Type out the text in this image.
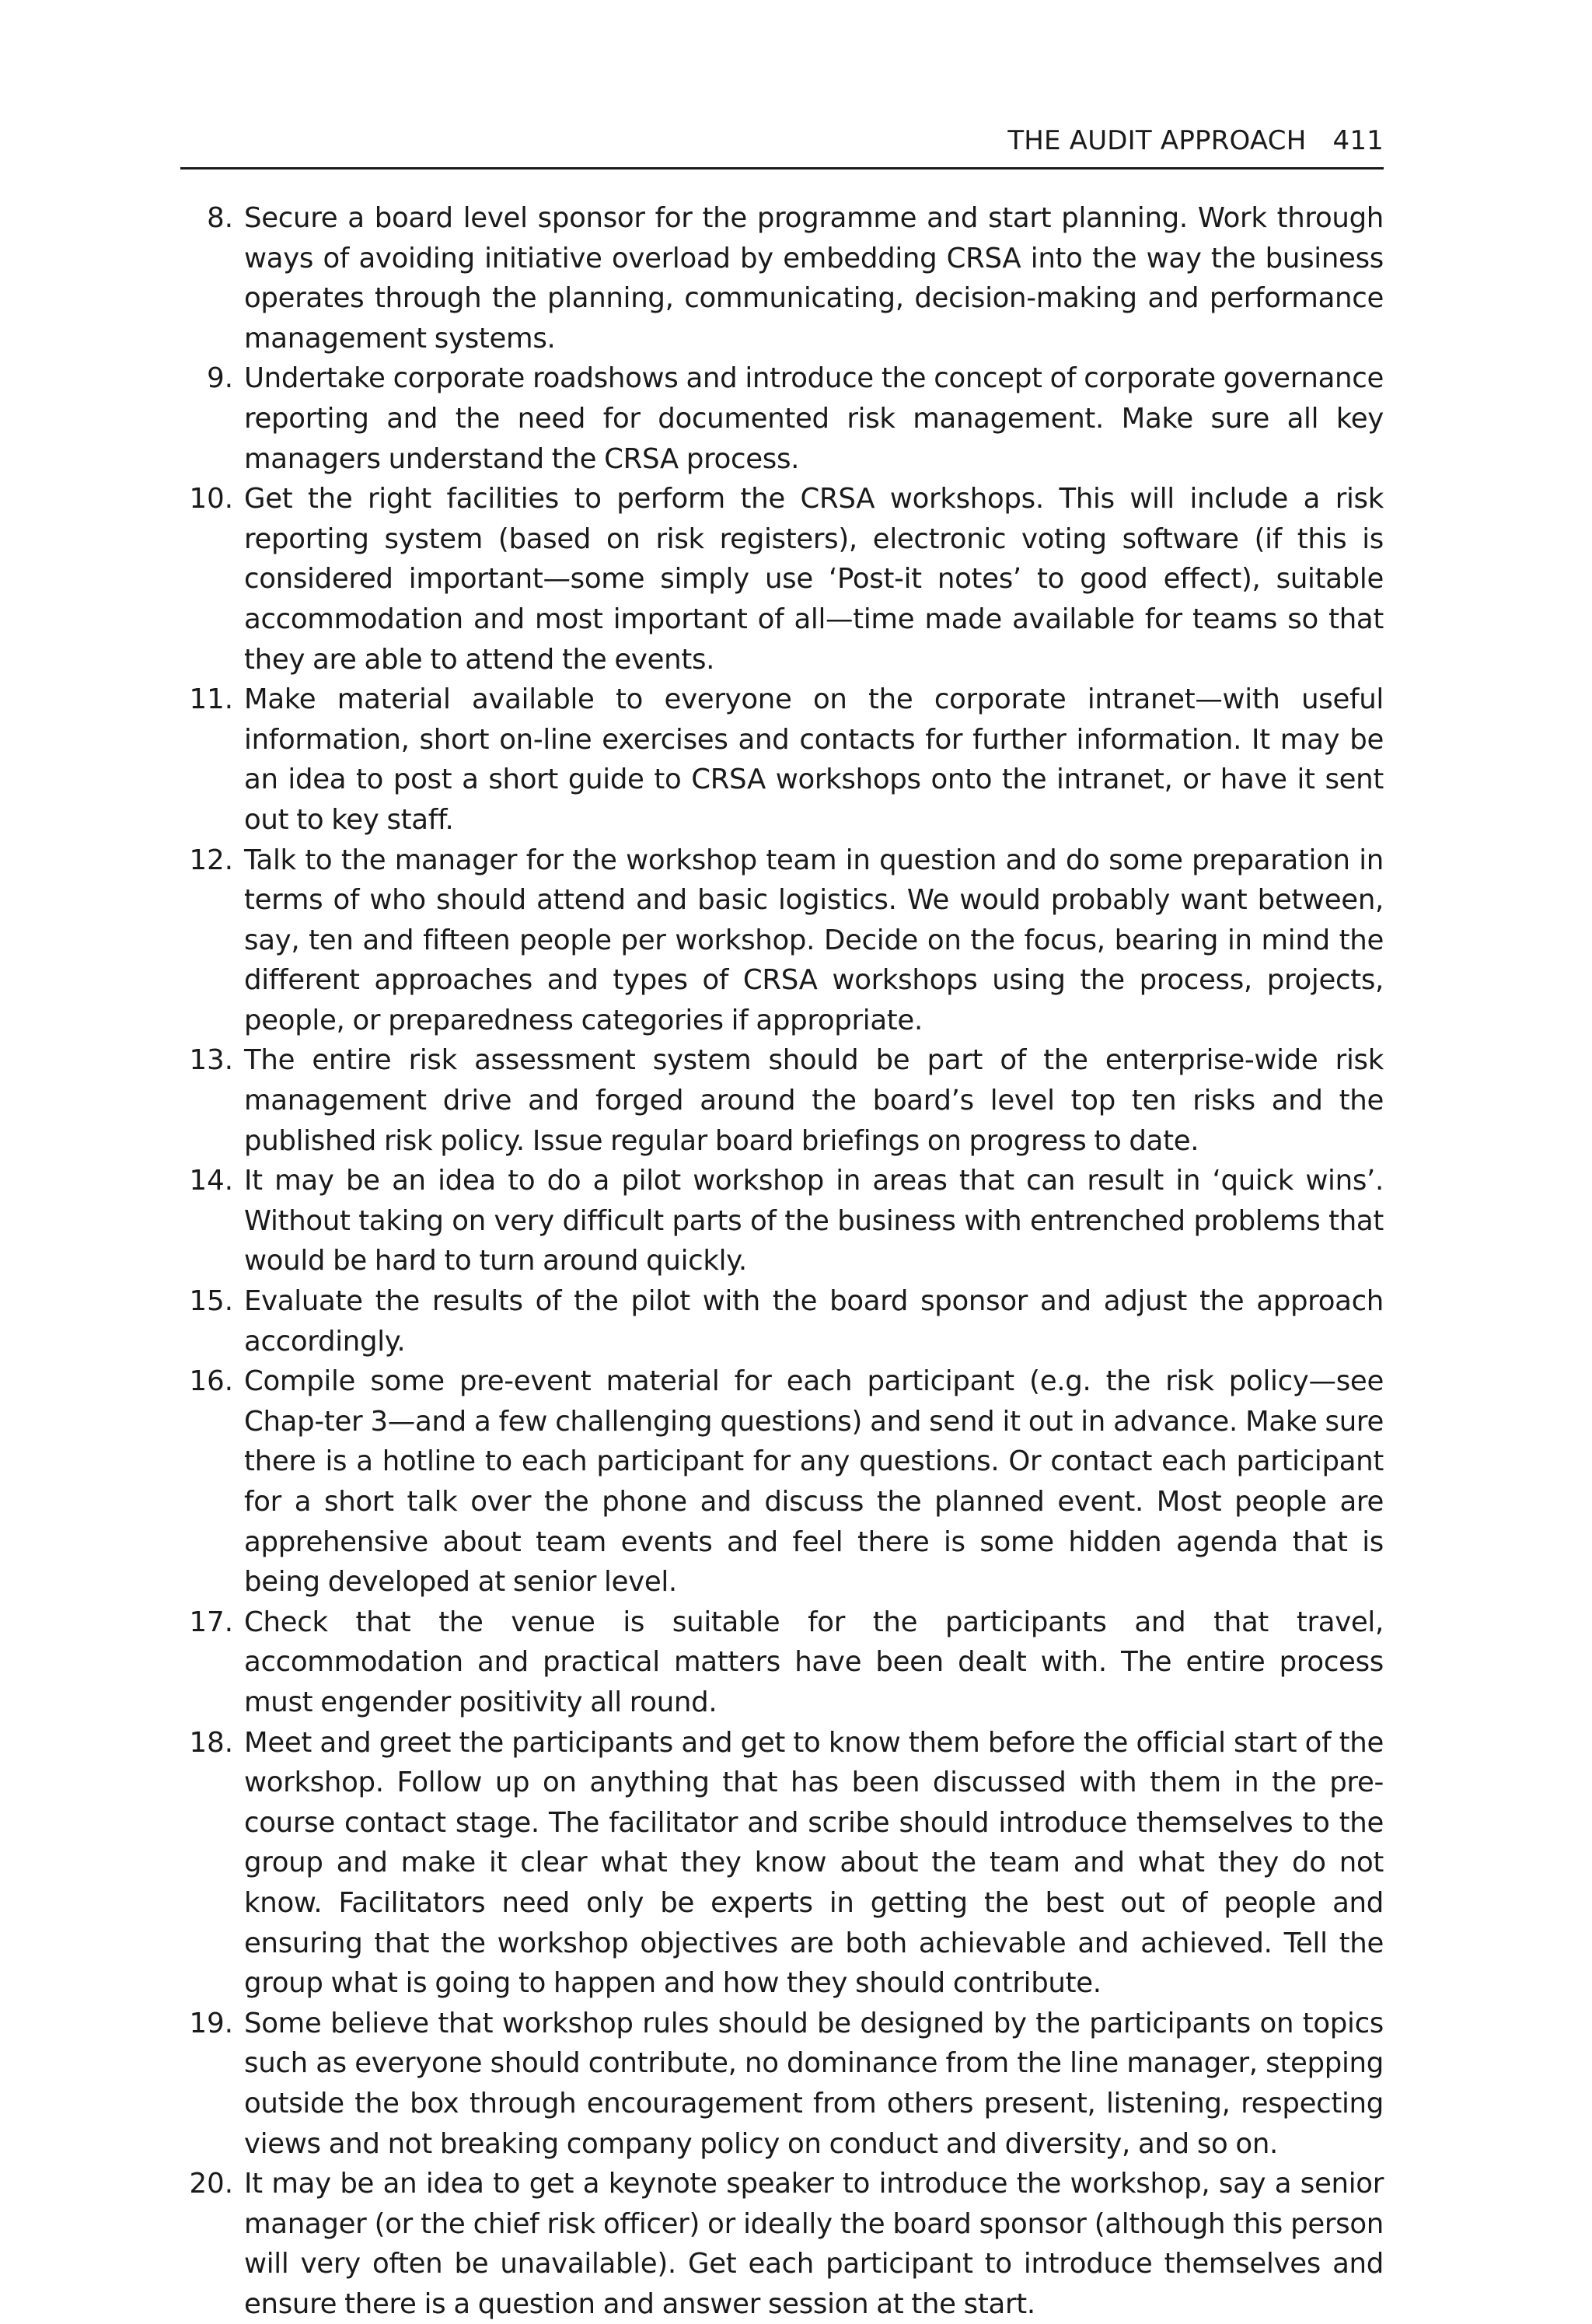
THE AUDIT APPROACH 411
8. Secure a board level sponsor for the programme and start planning. Work through ways of avoiding initiative overload by embedding CRSA into the way the business operates through the planning, communicating, decision-making and performance management systems.
9. Undertake corporate roadshows and introduce the concept of corporate governance reporting and the need for documented risk management. Make sure all key managers understand the CRSA process.
10. Get the right facilities to perform the CRSA workshops. This will include a risk reporting system (based on risk registers), electronic voting software (if this is considered important—some simply use ‘Post-it notes’ to good effect), suitable accommodation and most important of all—time made available for teams so that they are able to attend the events.
11. Make material available to everyone on the corporate intranet—with useful information, short on-line exercises and contacts for further information. It may be an idea to post a short guide to CRSA workshops onto the intranet, or have it sent out to key staff.
12. Talk to the manager for the workshop team in question and do some preparation in terms of who should attend and basic logistics. We would probably want between, say, ten and fifteen people per workshop. Decide on the focus, bearing in mind the different approaches and types of CRSA workshops using the process, projects, people, or preparedness categories if appropriate.
13. The entire risk assessment system should be part of the enterprise-wide risk management drive and forged around the board’s level top ten risks and the published risk policy. Issue regular board briefings on progress to date.
14. It may be an idea to do a pilot workshop in areas that can result in ‘quick wins’. Without taking on very difficult parts of the business with entrenched problems that would be hard to turn around quickly.
15. Evaluate the results of the pilot with the board sponsor and adjust the approach accordingly.
16. Compile some pre-event material for each participant (e.g. the risk policy—see Chap-ter 3—and a few challenging questions) and send it out in advance. Make sure there is a hotline to each participant for any questions. Or contact each participant for a short talk over the phone and discuss the planned event. Most people are apprehensive about team events and feel there is some hidden agenda that is being developed at senior level.
17. Check that the venue is suitable for the participants and that travel, accommodation and practical matters have been dealt with. The entire process must engender positivity all round.
18. Meet and greet the participants and get to know them before the official start of the workshop. Follow up on anything that has been discussed with them in the pre-course contact stage. The facilitator and scribe should introduce themselves to the group and make it clear what they know about the team and what they do not know. Facilitators need only be experts in getting the best out of people and ensuring that the workshop objectives are both achievable and achieved. Tell the group what is going to happen and how they should contribute.
19. Some believe that workshop rules should be designed by the participants on topics such as everyone should contribute, no dominance from the line manager, stepping outside the box through encouragement from others present, listening, respecting views and not breaking company policy on conduct and diversity, and so on.
20. It may be an idea to get a keynote speaker to introduce the workshop, say a senior manager (or the chief risk officer) or ideally the board sponsor (although this person will very often be unavailable). Get each participant to introduce themselves and ensure there is a question and answer session at the start.
